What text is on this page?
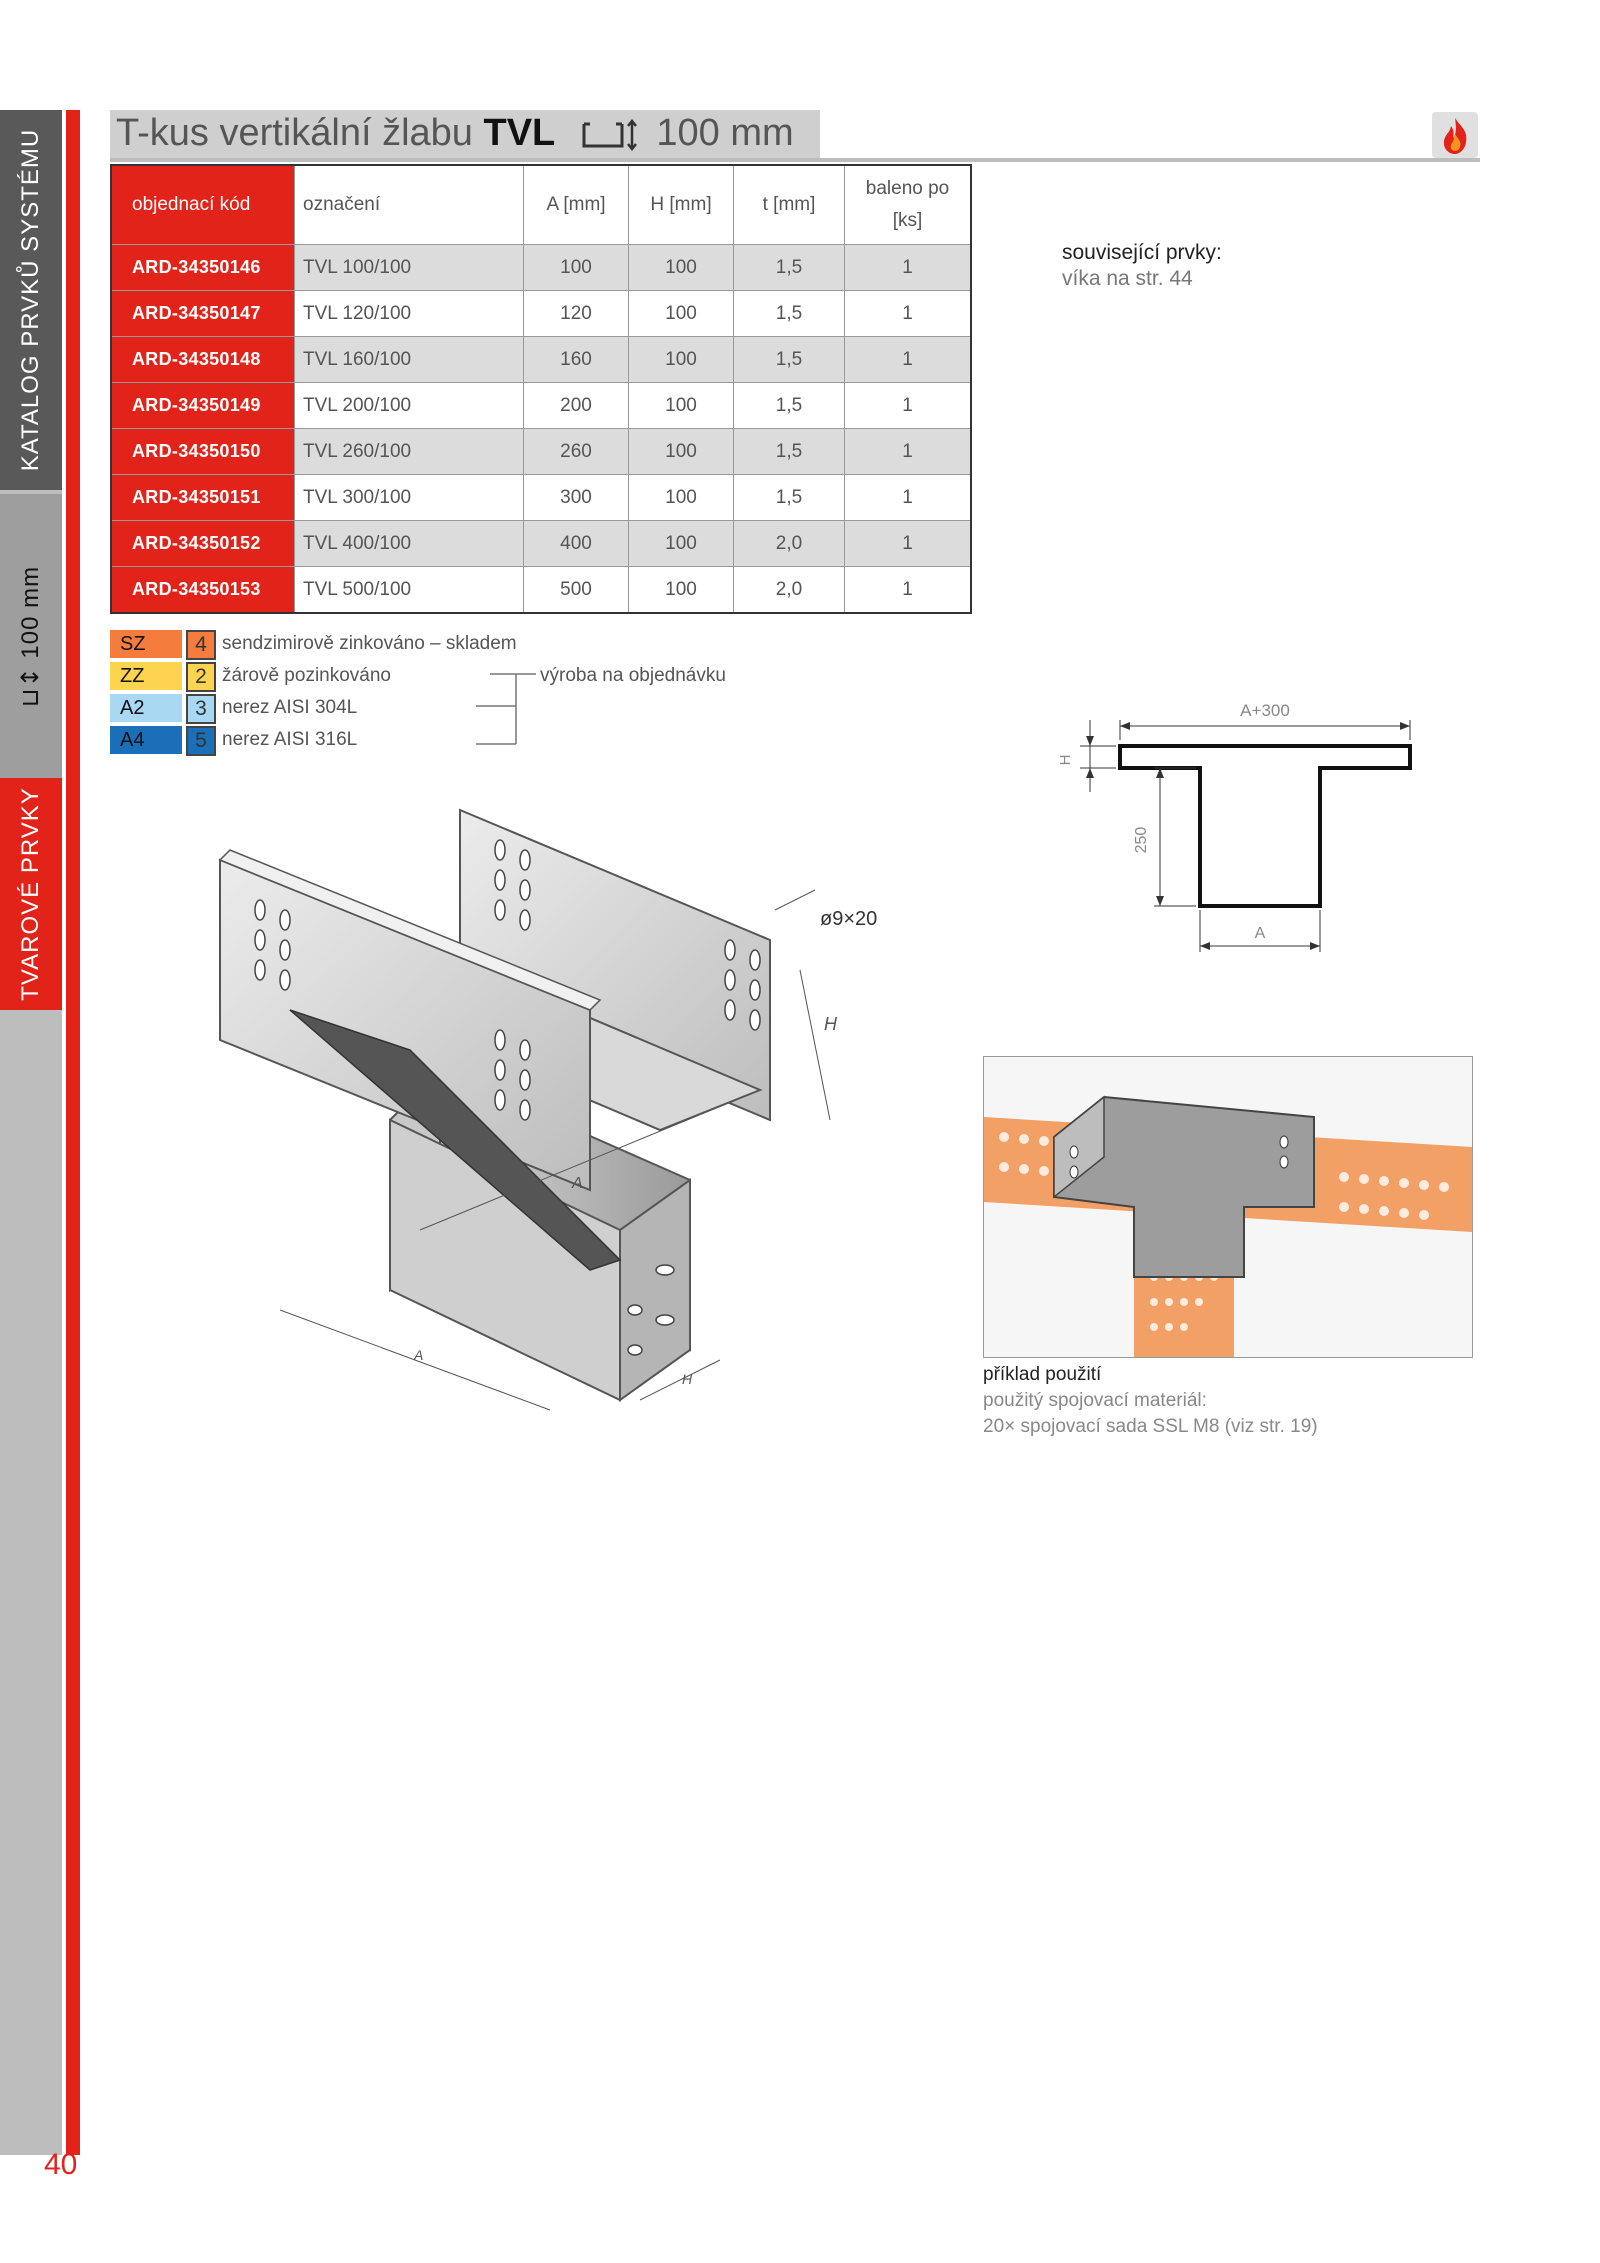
KATALOG PRVKŮ SYSTÉMU
⊔↕ 100 mm
TVAROVÉ PRVKY
40
T-kus vertikální žlabu TVL	100 mm
objednací kód	označení	A [mm]	H [mm]	t [mm]	baleno po
[ks]
ARD-34350146	TVL 100/100	100	100	1,5	1
ARD-34350147	TVL 120/100	120	100	1,5	1
ARD-34350148	TVL 160/100	160	100	1,5	1
ARD-34350149	TVL 200/100	200	100	1,5	1
ARD-34350150	TVL 260/100	260	100	1,5	1
ARD-34350151	TVL 300/100	300	100	1,5	1
ARD-34350152	TVL 400/100	400	100	2,0	1
ARD-34350153	TVL 500/100	500	100	2,0	1
SZ	4 sendzimirově zinkováno – skladem
ZZ	2 žárově pozinkováno
A2	3 nerez AISI 304L
A4	5 nerez AISI 316L
výroba na objednávku
související prvky:
víka na str. 44
A+300
H
250
A
ø9×20
H
A
A
H	příklad použití
použitý spojovací materiál:
20× spojovací sada SSL M8 (viz str. 19)
